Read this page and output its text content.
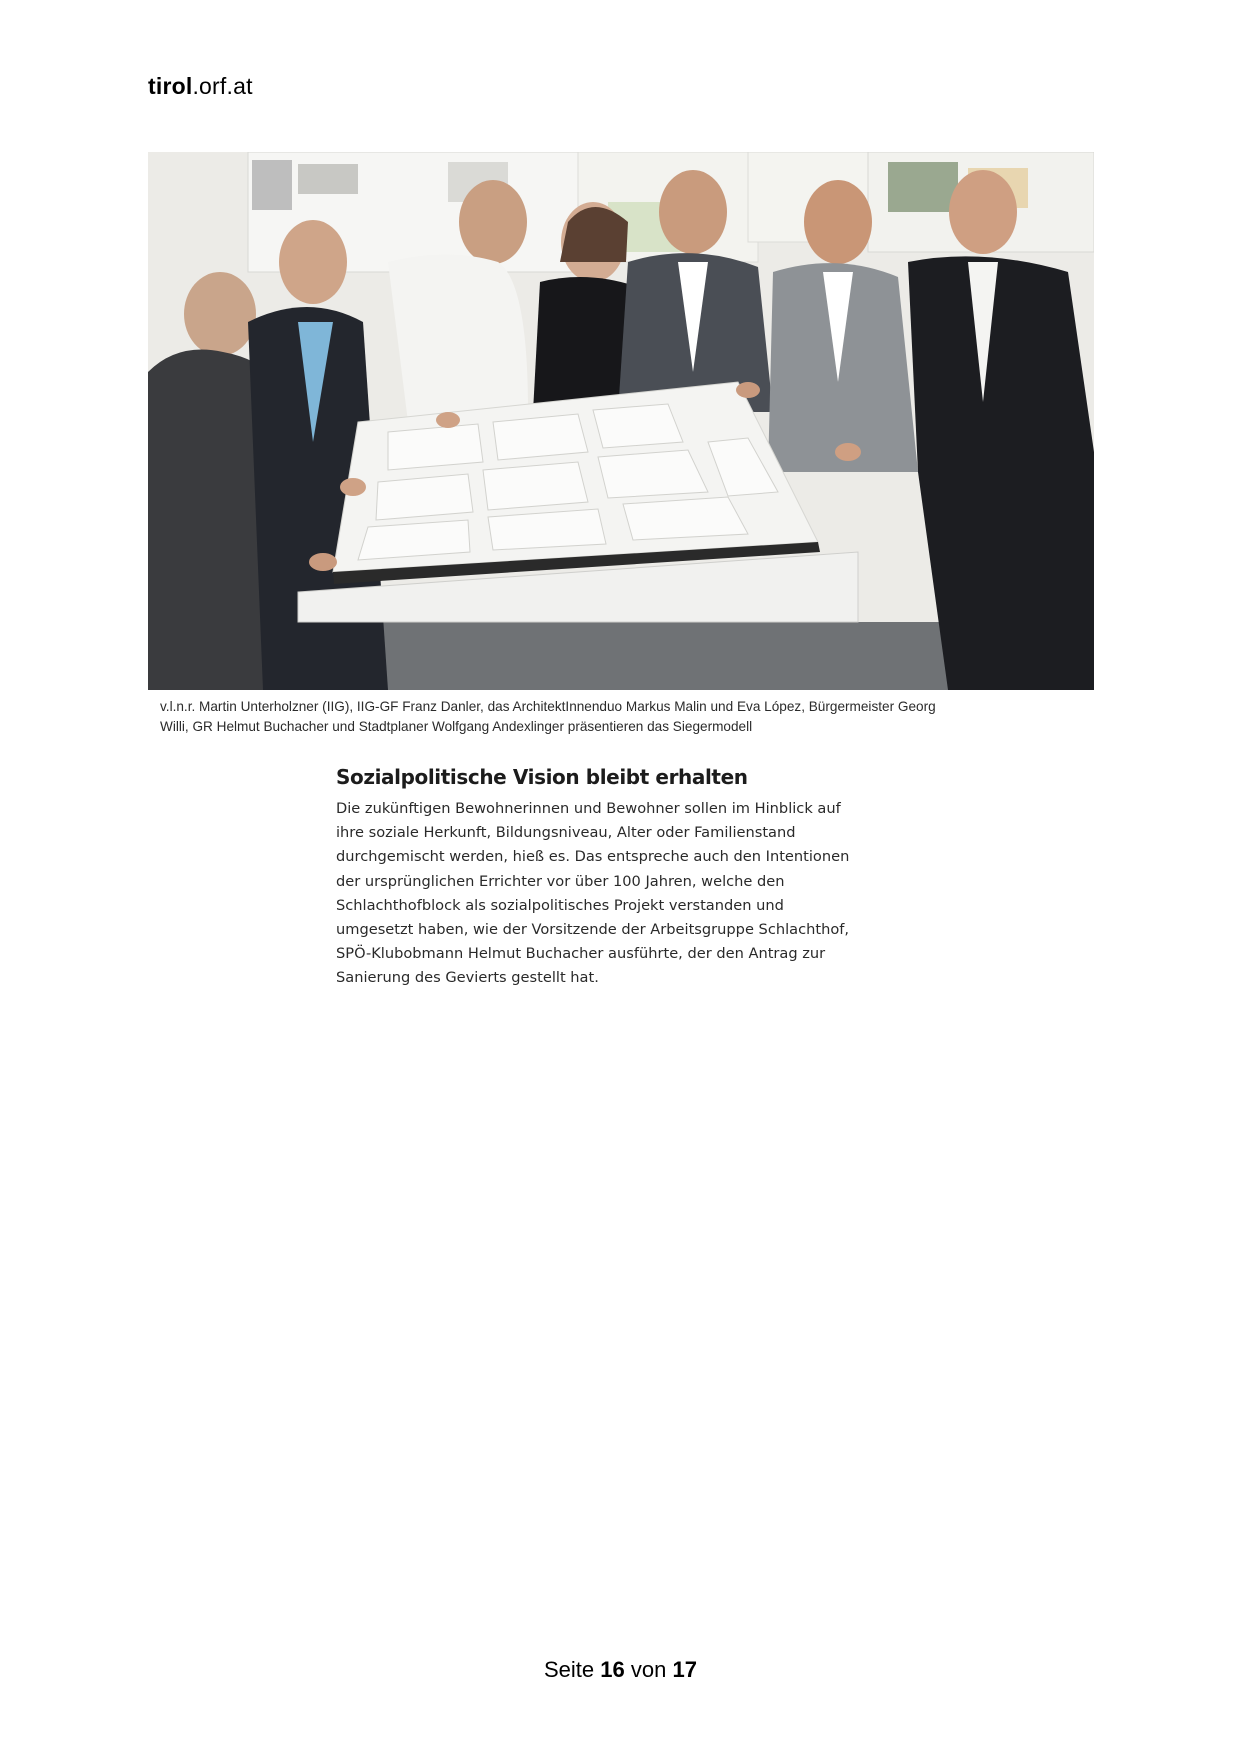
tirol.orf.at
v.l.n.r. Martin Unterholzner (IIG), IIG-GF Franz Danler, das ArchitektInnenduo Markus Malin und Eva López, Bürgermeister Georg
Willi, GR Helmut Buchacher und Stadtplaner Wolfgang Andexlinger präsentieren das Siegermodell
Sozialpolitische Vision bleibt erhalten

Die zukünftigen Bewohnerinnen und Bewohner sollen im Hinblick auf
ihre soziale Herkunft, Bildungsniveau, Alter oder Familienstand
durchgemischt werden, hieß es. Das entspreche auch den Intentionen
der ursprünglichen Errichter vor über 100 Jahren, welche den
Schlachthofblock als sozialpolitisches Projekt verstanden und
umgesetzt haben, wie der Vorsitzende der Arbeitsgruppe Schlachthof,
SPÖ-Klubobmann Helmut Buchacher ausführte, der den Antrag zur
Sanierung des Gevierts gestellt hat.

Seite 16 von 17
